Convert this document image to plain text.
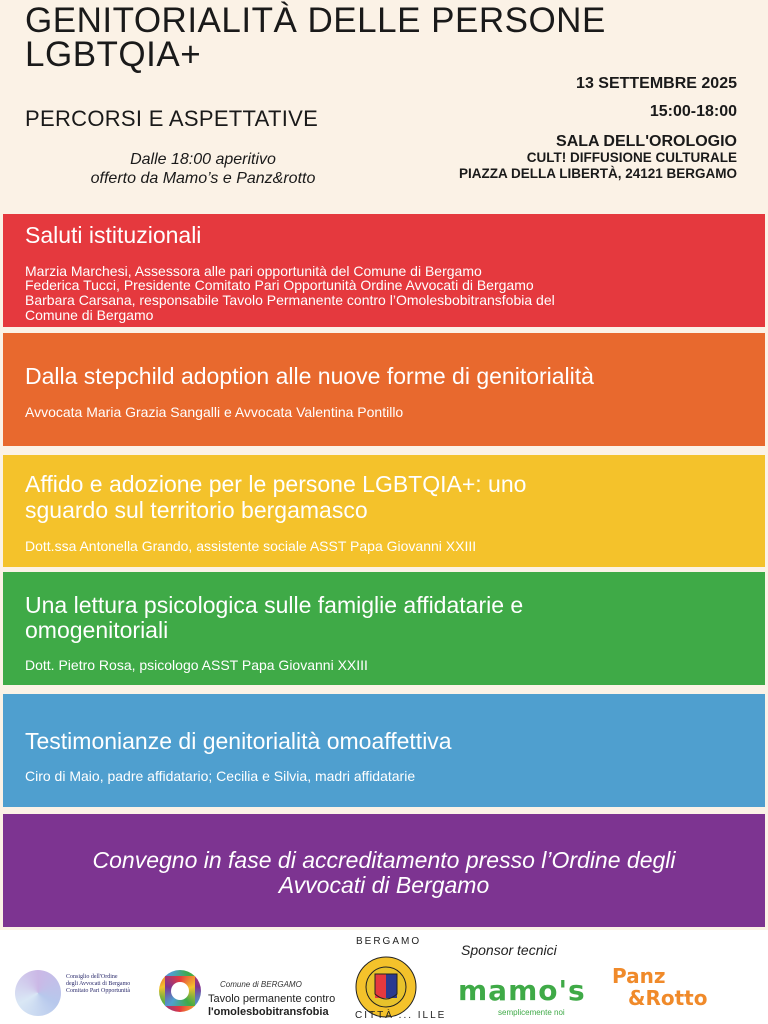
GENITORIALITÀ DELLE PERSONE LGBTQIA+
PERCORSI E ASPETTATIVE
Dalle 18:00 aperitivo
offerto da Mamo’s e Panz&rotto
13 SETTEMBRE 2025
15:00-18:00
SALA DELL'OROLOGIO
CULT! DIFFUSIONE CULTURALE
PIAZZA DELLA LIBERTÀ, 24121 BERGAMO
Saluti istituzionali
Marzia Marchesi, Assessora alle pari opportunità del Comune di Bergamo
Federica Tucci, Presidente Comitato Pari Opportunità Ordine Avvocati di Bergamo
Barbara Carsana, responsabile Tavolo Permanente contro l’Omolesbobitransfobia del
Comune di Bergamo
Dalla stepchild adoption alle nuove forme di genitorialità
Avvocata Maria Grazia Sangalli e Avvocata Valentina Pontillo
Affido e adozione per le persone LGBTQIA+: uno
sguardo sul territorio bergamasco
Dott.ssa Antonella Grando, assistente sociale ASST Papa Giovanni XXIII
Una lettura psicologica sulle famiglie affidatarie e
omogenitoriali
Dott. Pietro Rosa, psicologo ASST Papa Giovanni XXIII
Testimonianze di genitorialità omoaffettiva
Ciro di Maio, padre affidatario; Cecilia e Silvia, madri affidatarie
Convegno in fase di accreditamento presso l’Ordine degli
Avvocati di Bergamo
Consiglio dell'Ordine
degli Avvocati di Bergamo
Comitato Pari Opportunità
Comune di BERGAMO
Tavolo permanente contro
l'omolesbobitransfobia
BERGAMO
CITTÀ ... ILLE
Sponsor tecnici
mamo's
semplicemente noi
Panz
&Rotto
